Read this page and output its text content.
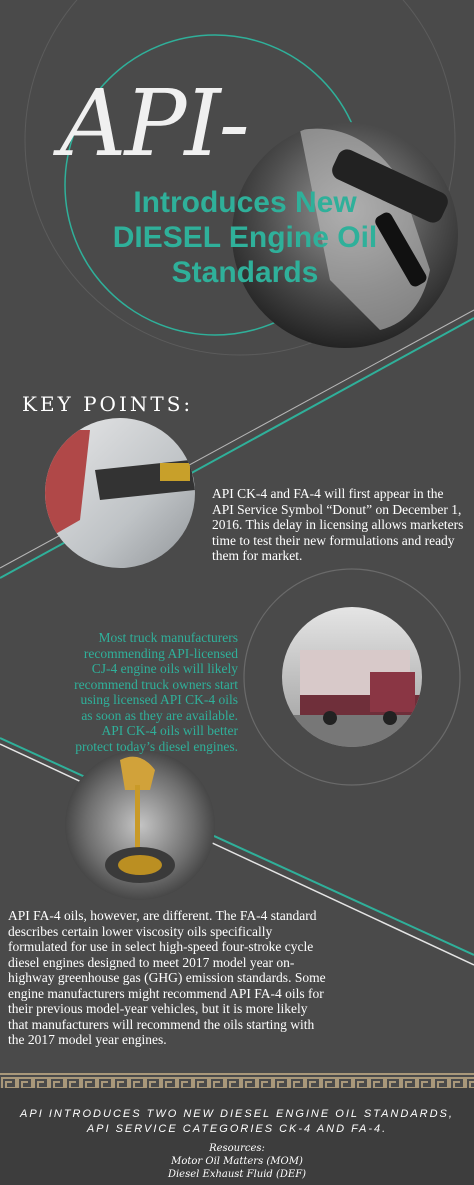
API-
Introduces New DIESEL Engine Oil Standards
KEY POINTS:
API CK-4 and FA-4 will first appear in the API Service Symbol “Donut” on December 1, 2016. This delay in licensing allows marketers time to test their new formulations and ready them for market.
Most truck manufacturers recommending API-licensed CJ-4 engine oils will likely recommend truck owners start using licensed API CK-4 oils as soon as they are available. API CK-4 oils will better protect today’s diesel engines.
API FA-4 oils, however, are different. The FA-4 standard describes certain lower viscosity oils specifically formulated for use in select high-speed four-stroke cycle diesel engines designed to meet 2017 model year on-highway greenhouse gas (GHG) emission standards. Some engine manufacturers might recommend API FA-4 oils for their previous model-year vehicles, but it is more likely that manufacturers will recommend the oils starting with the 2017 model year engines.
API INTRODUCES TWO NEW DIESEL ENGINE OIL STANDARDS,
API SERVICE CATEGORIES CK-4 AND FA-4.
Resources:
Motor Oil Matters (MOM)
Diesel Exhaust Fluid (DEF)
